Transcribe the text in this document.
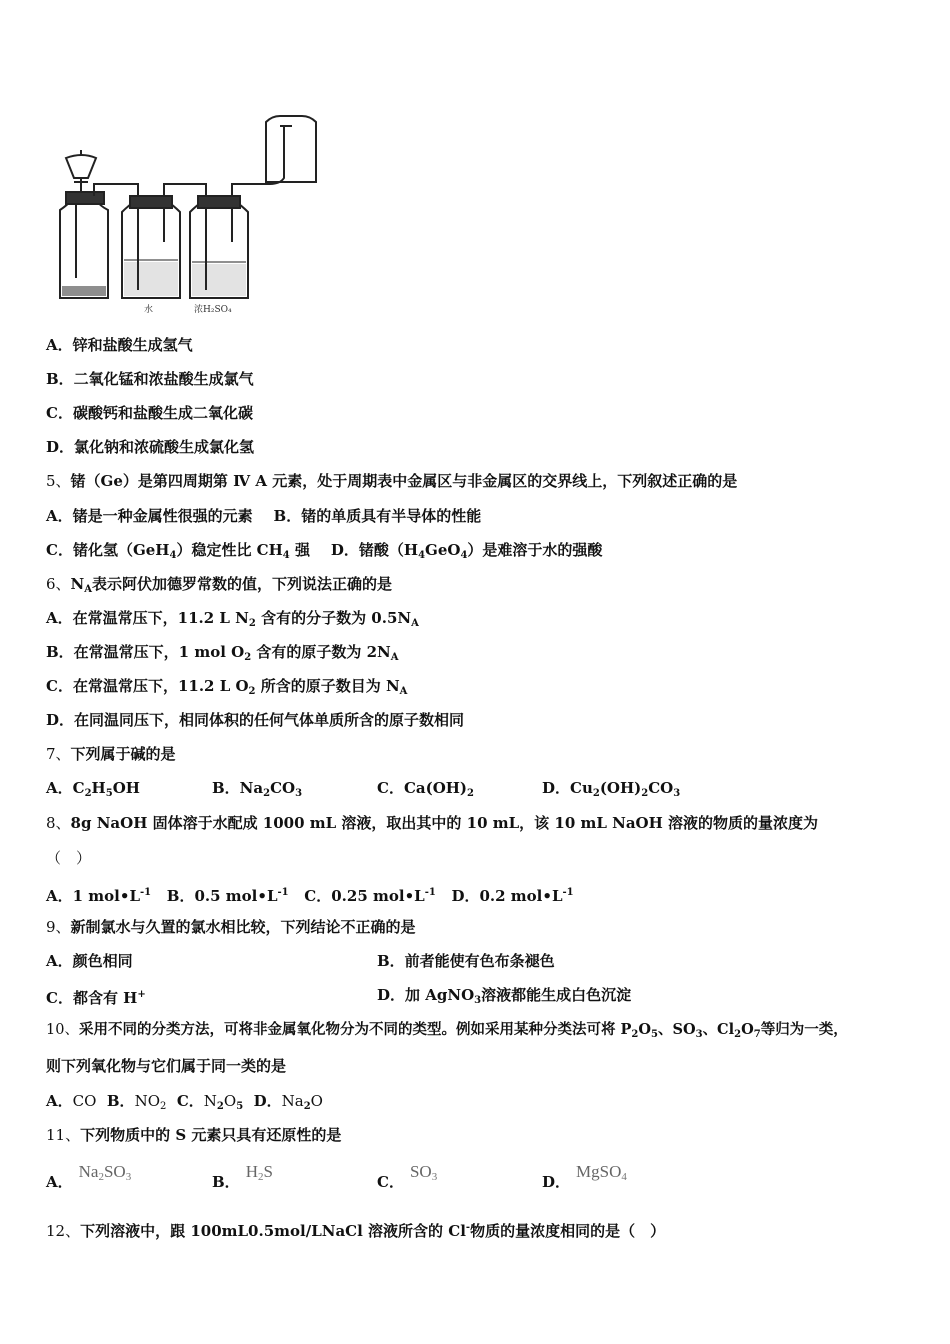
水	浓H₂SO₄
A．锌和盐酸生成氢气
B．二氧化锰和浓盐酸生成氯气
C．碳酸钙和盐酸生成二氧化碳
D．氯化钠和浓硫酸生成氯化氢
5、锗（Ge）是第四周期第 Ⅳ A 元素，处于周期表中金属区与非金属区的交界线上，下列叙述正确的是
A．锗是一种金属性很强的元素 B．锗的单质具有半导体的性能
C．锗化氢（GeH$_4$）稳定性比 $CH_4$ 强 D．锗酸$(H_4GeO_4)$是难溶于水的强酸
6、$N_A$表示阿伏加德罗常数的值，下列说法正确的是
A．在常温常压下，11.2 L $N_2$ 含有的分子数为 $0.5N_A$
B．在常温常压下，1 mol $O_2$ 含有的原子数为 $2N_A$
C．在常温常压下，11.2 L $O_2$ 所含的原子数目为 $N_A$
D．在同温同压下，相同体积的任何气体单质所含的原子数相同
7、下列属于碱的是
A．$C_2H_5OH$	B．$Na_2CO_3$	C．$Ca(OH)_2$	D．$Cu_2(OH)_2CO_3$
8、8g NaOH 固体溶于水配成 1000 mL 溶液，取出其中的 10 mL，该 10 mL NaOH 溶液的物质的量浓度为
（　）
A．1 $mol•L^{-1}$ B．0.5 $mol•L^{-1}$ C．0.25 $mol•L^{-1}$ D．0.2 $mol•L^{-1}$
9、新制氯水与久置的氯水相比较，下列结论不正确的是
A．颜色相同	B．前者能使有色布条褪色
C．都含有 H+	D．加 AgNO$_3$溶液都能生成白色沉淀
10、采用不同的分类方法，可将非金属氧化物分为不同的类型。例如采用某种分类法可将 $P_2O_5$、$SO_3$、$Cl_2O_7$等归为一类，
则下列氧化物与它们属于同一类的是
A．CO B．$NO_2$ C．$N_2O_5$ D．$Na_2O$
11、下列物质中的 S 元素只具有还原性的是
A．$Na_2SO_3$	B．$H_2S$
C．$SO_3$	D．MgSO$_4$
12、下列溶液中，跟 100mL0.5mol/LNaCl 溶液所含的 Cl-物质的量浓度相同的是（　）
